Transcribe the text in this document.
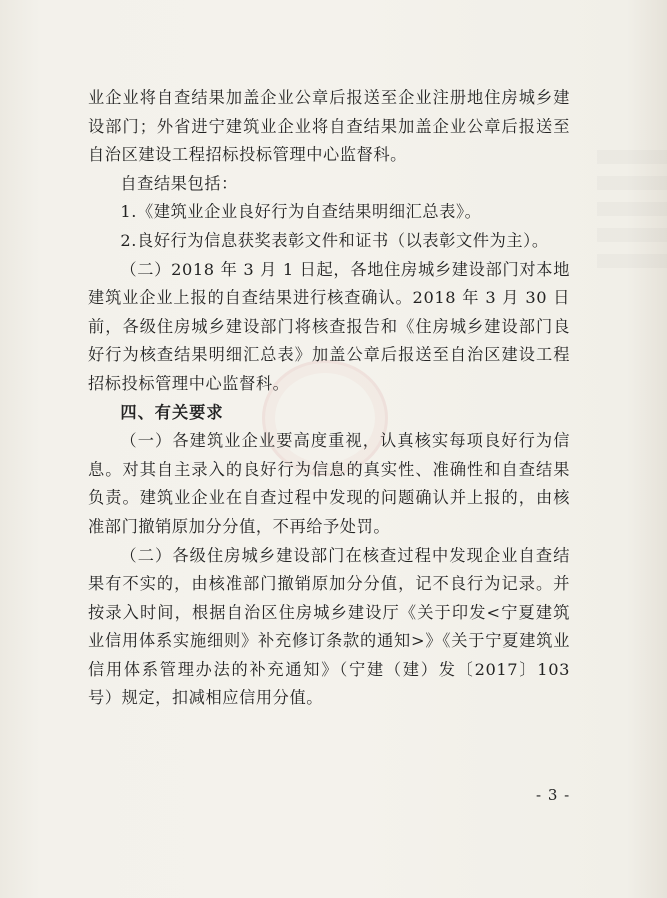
业企业将自查结果加盖企业公章后报送至企业注册地住房城乡建设部门；外省进宁建筑业企业将自查结果加盖企业公章后报送至自治区建设工程招标投标管理中心监督科。

自查结果包括：

1.《建筑业企业良好行为自查结果明细汇总表》。

2.良好行为信息获奖表彰文件和证书（以表彰文件为主）。

（二）2018 年 3 月 1 日起，各地住房城乡建设部门对本地建筑业企业上报的自查结果进行核查确认。2018 年 3 月 30 日前，各级住房城乡建设部门将核查报告和《住房城乡建设部门良好行为核查结果明细汇总表》加盖公章后报送至自治区建设工程招标投标管理中心监督科。

四、有关要求

（一）各建筑业企业要高度重视，认真核实每项良好行为信息。对其自主录入的良好行为信息的真实性、准确性和自查结果负责。建筑业企业在自查过程中发现的问题确认并上报的，由核准部门撤销原加分分值，不再给予处罚。

（二）各级住房城乡建设部门在核查过程中发现企业自查结果有不实的，由核准部门撤销原加分分值，记不良行为记录。并按录入时间，根据自治区住房城乡建设厅《关于印发<宁夏建筑业信用体系实施细则》补充修订条款的通知>》《关于宁夏建筑业信用体系管理办法的补充通知》（宁建（建）发〔2017〕103 号）规定，扣减相应信用分值。

- 3 -
